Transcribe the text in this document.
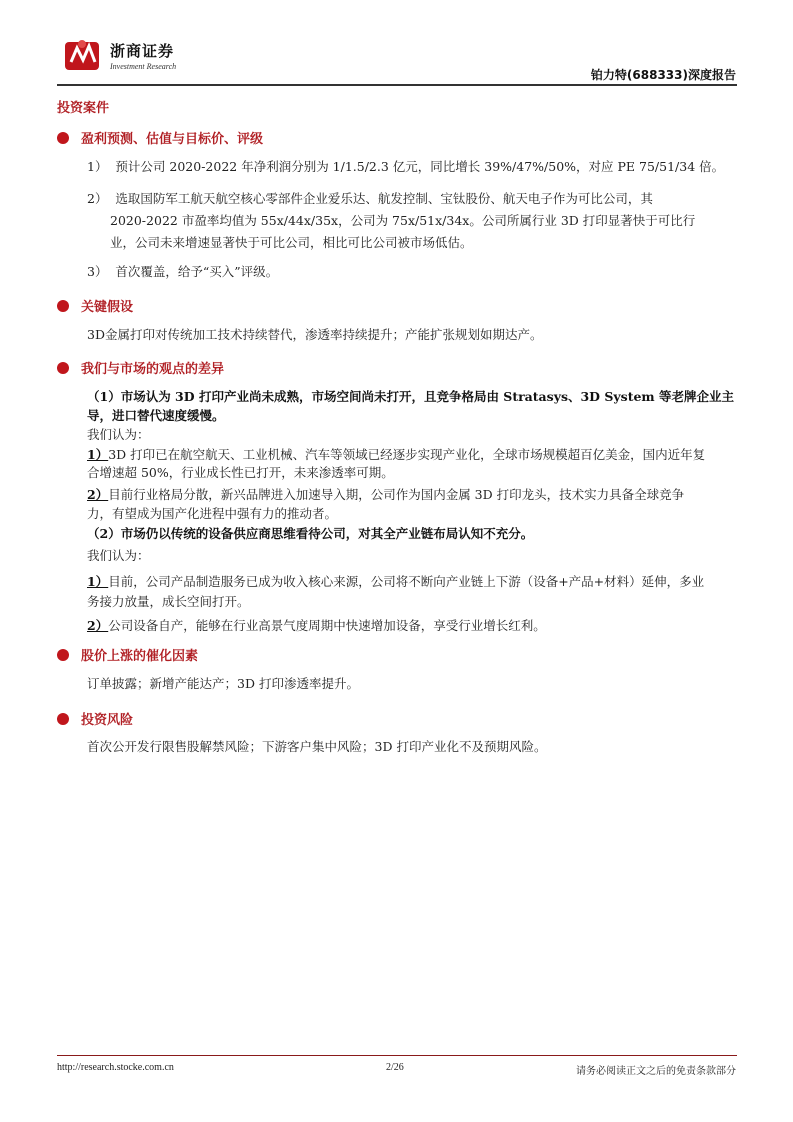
浙商证券
Investment Research
铂力特(688333)深度报告
投资案件
盈利预测、估值与目标价、评级
1） 预计公司 2020-2022 年净利润分别为 1/1.5/2.3 亿元，同比增长 39%/47%/50%，对应 PE 75/51/34 倍。
2） 选取国防军工航天航空核心零部件企业爱乐达、航发控制、宝钛股份、航天电子作为可比公司，其
2020-2022 市盈率均值为 55x/44x/35x，公司为 75x/51x/34x。公司所属行业 3D 打印显著快于可比行
业，公司未来增速显著快于可比公司，相比可比公司被市场低估。
3） 首次覆盖，给予“买入”评级。
关键假设
3D金属打印对传统加工技术持续替代，渗透率持续提升；产能扩张规划如期达产。
我们与市场的观点的差异
（1）市场认为 3D 打印产业尚未成熟，市场空间尚未打开，且竞争格局由 Stratasys、3D System 等老牌企业主
导，进口替代速度缓慢。
我们认为：
1）3D 打印已在航空航天、工业机械、汽车等领域已经逐步实现产业化，全球市场规模超百亿美金，国内近年复
合增速超 50%，行业成长性已打开，未来渗透率可期。
2）目前行业格局分散，新兴品牌进入加速导入期，公司作为国内金属 3D 打印龙头，技术实力具备全球竞争
力，有望成为国产化进程中强有力的推动者。
（2）市场仍以传统的设备供应商思维看待公司，对其全产业链布局认知不充分。
我们认为：
1）目前，公司产品制造服务已成为收入核心来源，公司将不断向产业链上下游（设备+产品+材料）延伸，多业
务接力放量，成长空间打开。
2）公司设备自产，能够在行业高景气度周期中快速增加设备，享受行业增长红利。
股价上涨的催化因素
订单披露；新增产能达产；3D 打印渗透率提升。
投资风险
首次公开发行限售股解禁风险；下游客户集中风险；3D 打印产业化不及预期风险。
http://research.stocke.com.cn	2/26	请务必阅读正文之后的免责条款部分
